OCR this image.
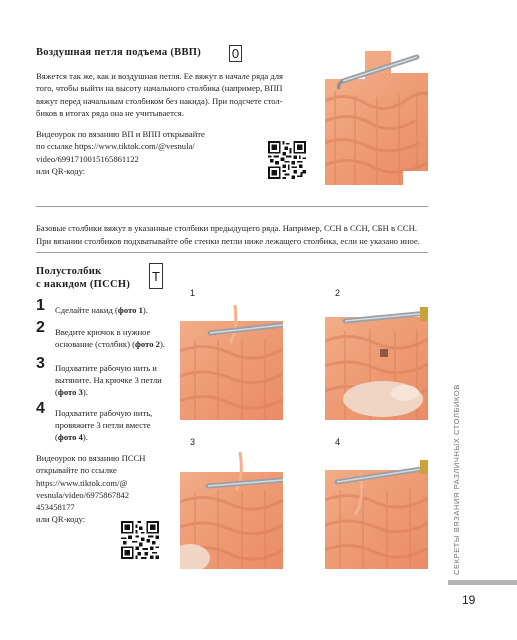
Воздушная петля подъема (ВВП) 0
Вяжется так же, как и воздушная петля. Ее вяжут в начале ряда для
того, чтобы выйти на высоту начального столбика (например, ВПП
вяжут перед начальным столбиком без накида). При подсчете стол-
биков в итогах ряда она не учитывается.
Видеоурок по вязанию ВП и ВПП открывайте
по ссылке https://www.tiktok.com/@vesnula/
video/6991710015165861122
или QR-коду:
Базовые столбики вяжут в указанные столбики предыдущего ряда. Например, ССН в ССН, СБН в ССН.
При вязании столбиков подхватывайте обе стенки петли ниже лежащего столбика, если не указано иное.
Полустолбик
с накидом (ПССН)
T
1	Сделайте накид (фото 1).
2	Введите крючок в нужное основание (столбик) (фото 2).
3	Подхватите рабочую нить и вытяните. На крючке 3 петли (фото 3).
4	Подхватите рабочую нить, провяжите 3 петли вместе (фото 4).
Видеоурок по вязанию ПССН
открывайте по ссылке
https://www.tiktok.com/@
vesnula/video/6975867842
453458177
или QR-коду:
1	2
3	4	СЕКРЕТЫ ВЯЗАНИЯ РАЗЛИЧНЫХ СТОЛБИКОВ
19
